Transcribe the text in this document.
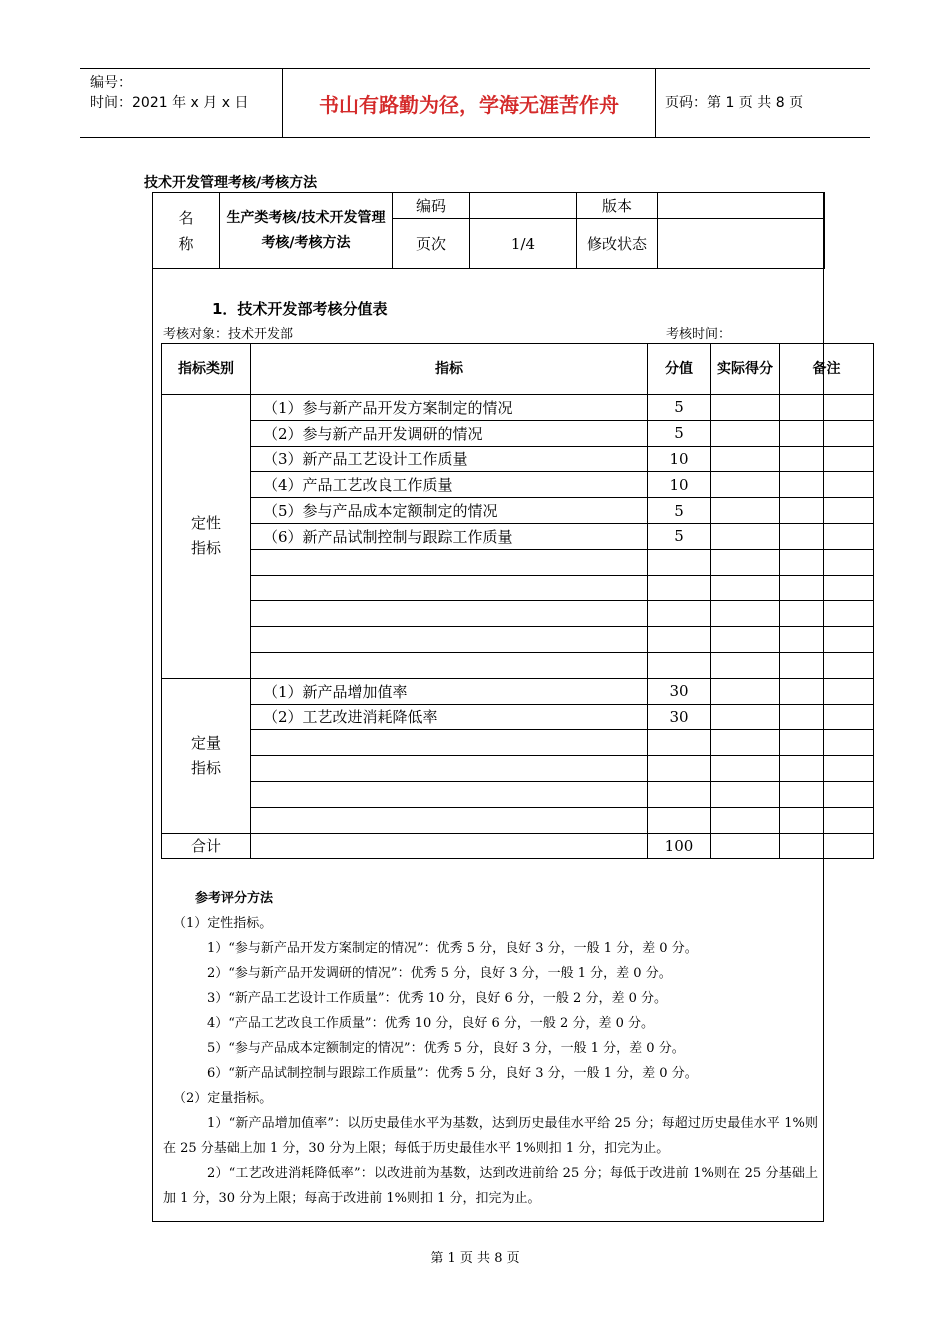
编号：
时间：2021 年 x 月 x 日	书山有路勤为径，学海无涯苦作舟	页码：第 1 页 共 8 页
技术开发管理考核/考核方法
名
称	生产类考核/技术开发管理考核/考核方法	编码		版本	
		页次	1/4	修改状态	
1．技术开发部考核分值表
考核对象：技术开发部	考核时间：
指标类别	指标	分值	实际得分	备注
定性
指标	（1）参与新产品开发方案制定的情况	5		
	（2）参与新产品开发调研的情况	5		
	（3）新产品工艺设计工作质量	10		
	（4）产品工艺改良工作质量	10		
	（5）参与产品成本定额制定的情况	5		
	（6）新产品试制控制与跟踪工作质量	5		

定量
指标	（1）新产品增加值率	30		
	（2）工艺改进消耗降低率	30		

合计		100		
参考评分方法
（1）定性指标。
1）“参与新产品开发方案制定的情况”：优秀 5 分，良好 3 分，一般 1 分，差 0 分。
2）“参与新产品开发调研的情况”：优秀 5 分，良好 3 分，一般 1 分，差 0 分。
3）“新产品工艺设计工作质量”：优秀 10 分，良好 6 分，一般 2 分，差 0 分。
4）“产品工艺改良工作质量”：优秀 10 分，良好 6 分，一般 2 分，差 0 分。
5）“参与产品成本定额制定的情况”：优秀 5 分，良好 3 分，一般 1 分，差 0 分。
6）“新产品试制控制与跟踪工作质量”：优秀 5 分，良好 3 分，一般 1 分，差 0 分。
（2）定量指标。
1）“新产品增加值率”：以历史最佳水平为基数，达到历史最佳水平给 25 分；每超过历史最佳水平 1%则在 25 分基础上加 1 分，30 分为上限；每低于历史最佳水平 1%则扣 1 分，扣完为止。
2）“工艺改进消耗降低率”：以改进前为基数，达到改进前给 25 分；每低于改进前 1%则在 25 分基础上加 1 分，30 分为上限；每高于改进前 1%则扣 1 分，扣完为止。
第 1 页 共 8 页
